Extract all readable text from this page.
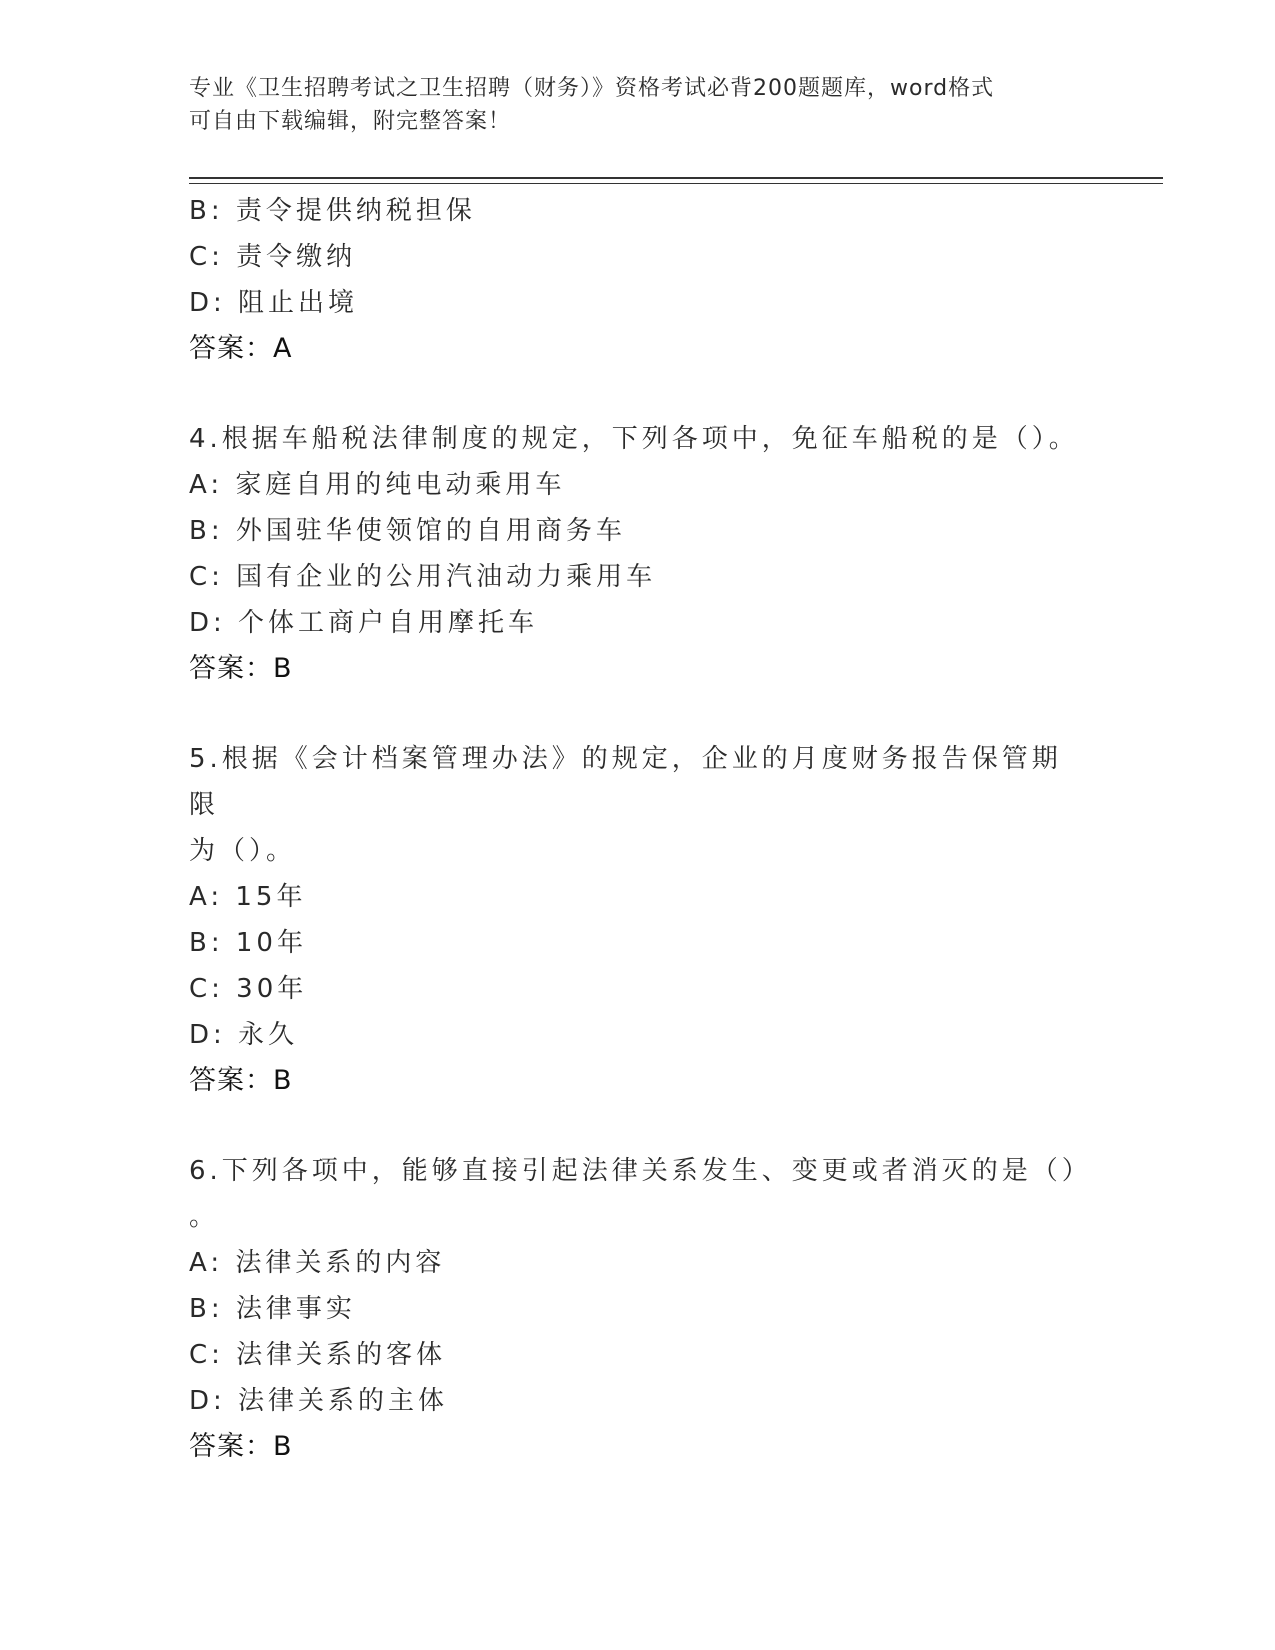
专业《卫生招聘考试之卫生招聘（财务）》资格考试必背200题题库，word格式
可自由下载编辑，附完整答案！
B: 责令提供纳税担保
C: 责令缴纳
D: 阻止出境
答案：A
4.根据车船税法律制度的规定，下列各项中，免征车船税的是（）。
A: 家庭自用的纯电动乘用车
B: 外国驻华使领馆的自用商务车
C: 国有企业的公用汽油动力乘用车
D: 个体工商户自用摩托车
答案：B
5.根据《会计档案管理办法》的规定，企业的月度财务报告保管期限
为（）。
A: 15年
B: 10年
C: 30年
D: 永久
答案：B
6.下列各项中，能够直接引起法律关系发生、变更或者消灭的是（）
。
A: 法律关系的内容
B: 法律事实
C: 法律关系的客体
D: 法律关系的主体
答案：B
